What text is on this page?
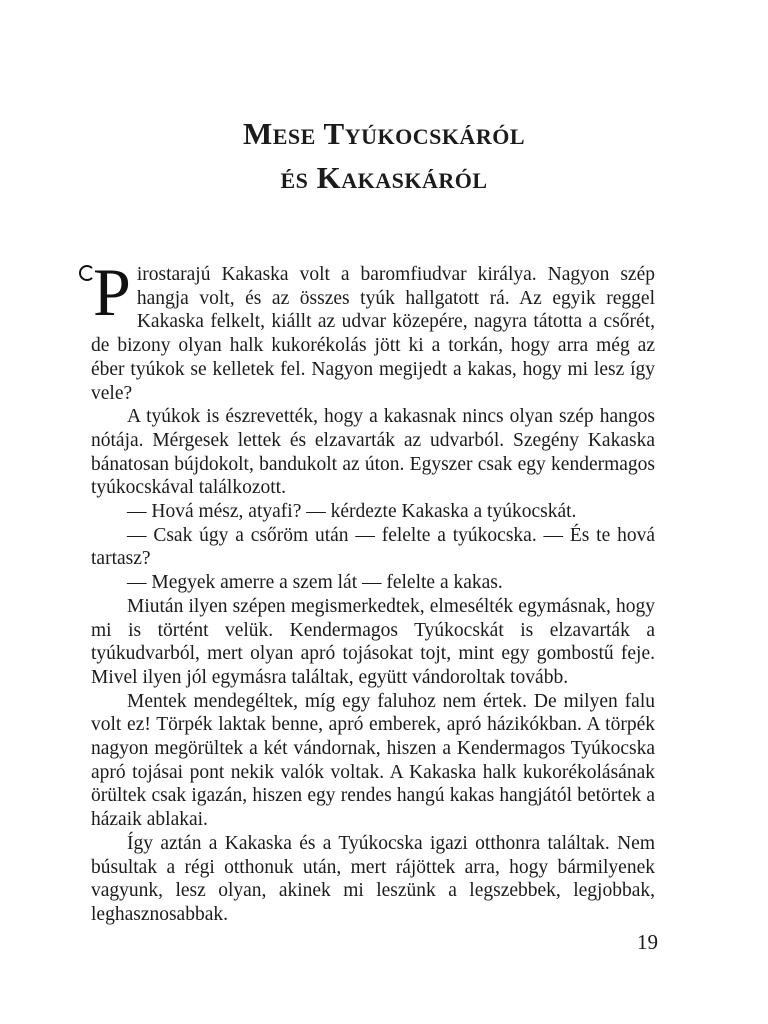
Mese Tyúkocskáról
és Kakaskáról

Pirostarajú Kakaska volt a baromfiudvar királya. Nagyon szép hangja volt, és az összes tyúk hallgatott rá. Az egyik reggel Kakaska felkelt, kiállt az udvar közepére, nagyra tátotta a csőrét, de bizony olyan halk kukorékolás jött ki a torkán, hogy arra még az éber tyúkok se kelletek fel. Nagyon megijedt a kakas, hogy mi lesz így vele?

A tyúkok is észrevették, hogy a kakasnak nincs olyan szép hangos nótája. Mérgesek lettek és elzavarták az udvarból. Szegény Kakaska bánatosan bújdokolt, bandukolt az úton. Egyszer csak egy kendermagos tyúkocskával találkozott.

— Hová mész, atyafi? — kérdezte Kakaska a tyúkocskát.

— Csak úgy a csőröm után — felelte a tyúkocska. — És te hová tartasz?

— Megyek amerre a szem lát — felelte a kakas.

Miután ilyen szépen megismerkedtek, elmesélték egymásnak, hogy mi is történt velük. Kendermagos Tyúkocskát is elzavarták a tyúkudvarból, mert olyan apró tojásokat tojt, mint egy gombostű feje. Mivel ilyen jól egymásra találtak, együtt vándoroltak tovább.

Mentek mendegéltek, míg egy faluhoz nem értek. De milyen falu volt ez! Törpék laktak benne, apró emberek, apró házikókban. A törpék nagyon megörültek a két vándornak, hiszen a Kendermagos Tyúkocska apró tojásai pont nekik valók voltak. A Kakaska halk kukorékolásának örültek csak igazán, hiszen egy rendes hangú kakas hangjától betörtek a házaik ablakai.

Így aztán a Kakaska és a Tyúkocska igazi otthonra találtak. Nem búsultak a régi otthonuk után, mert rájöttek arra, hogy bármilyenek vagyunk, lesz olyan, akinek mi leszünk a legszebbek, legjobbak, leghasznosabbak.

19
